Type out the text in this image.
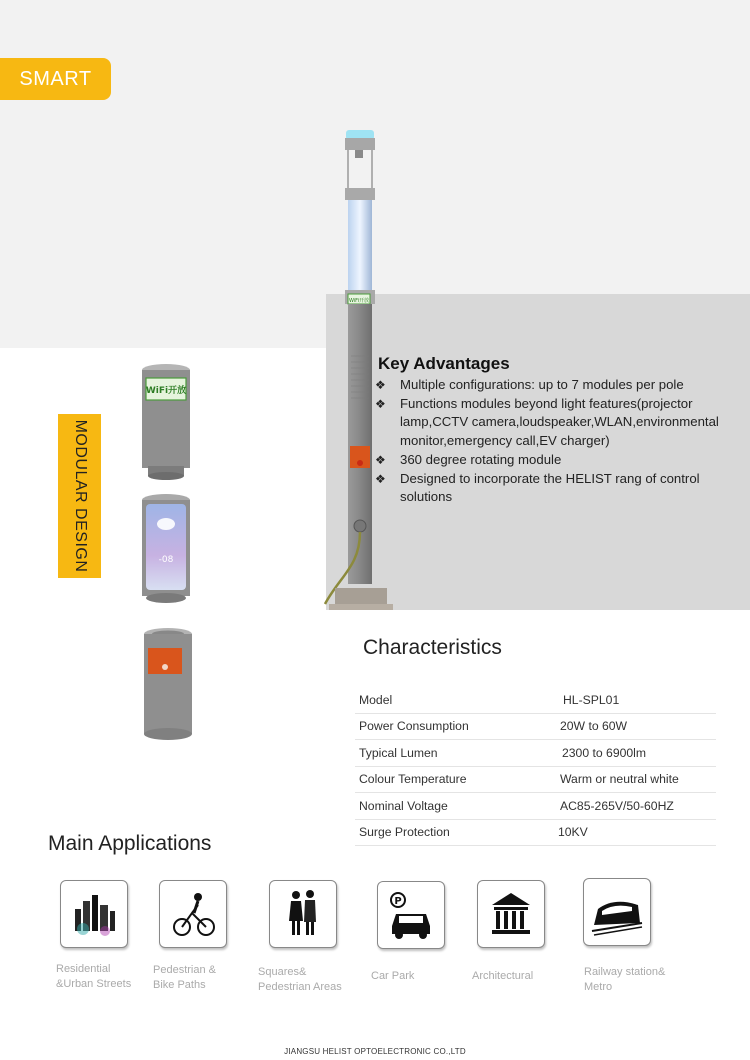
SMART
WiFi开放
MODULAR DESIGN
WiFi开放
-08
Key Advantages
❖ Multiple configurations: up to 7 modules per pole
❖ Functions modules beyond light features(projector lamp,CCTV camera,loudspeaker,WLAN,environmental monitor,emergency call,EV charger)
❖ 360 degree rotating module
❖ Designed to incorporate the HELIST rang of control solutions
Characteristics
Model	HL-SPL01
Power Consumption	20W to 60W
Typical Lumen	2300 to 6900lm
Colour Temperature	Warm or neutral white
Nominal Voltage	AC85-265V/50-60HZ
Surge Protection	10KV
Main Applications
P
Residential
&Urban Streets
Pedestrian &
Bike Paths
Squares&
Pedestrian Areas
Car Park	Architectural	Railway station&
Metro
JIANGSU HELIST OPTOELECTRONIC CO.,LTD
